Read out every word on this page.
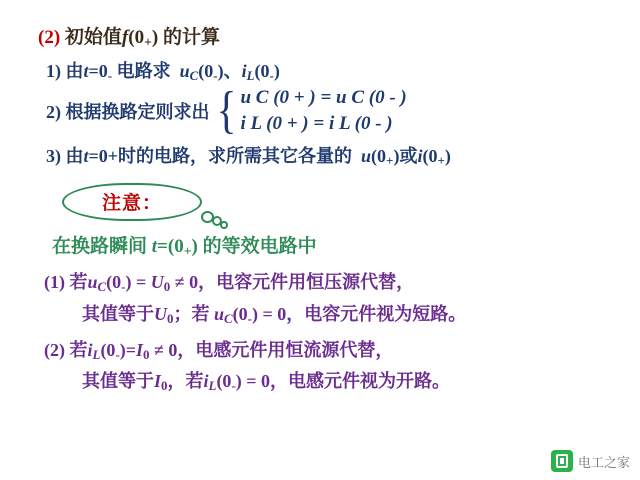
(2) 初始值$f(0_+)$ 的计算
1) 由$t=0_-$ 电路求 $u_C(0_-)$、$i_L(0_-)$
2) 根据换路定则求出 { u C (0 + ) = u C (0 - )
i L (0 + ) = i L (0 - )
3) 由t=0+时的电路，求所需其它各量的 $u(0_+)$或$i(0_+)$
注意：
在换路瞬间 $t=(0_+)$ 的等效电路中
(1) 若$u_C(0_-) = U_0 \ne 0$，电容元件用恒压源代替，
其值等于$U_0$；若 $u_C(0_-) = 0$，电容元件视为短路。
(2) 若$i_L(0_-)=I_0 \ne 0$，电感元件用恒流源代替，
其值等于$I_0$，若$i_L(0_-) = 0$，电感元件视为开路。
电工之家
